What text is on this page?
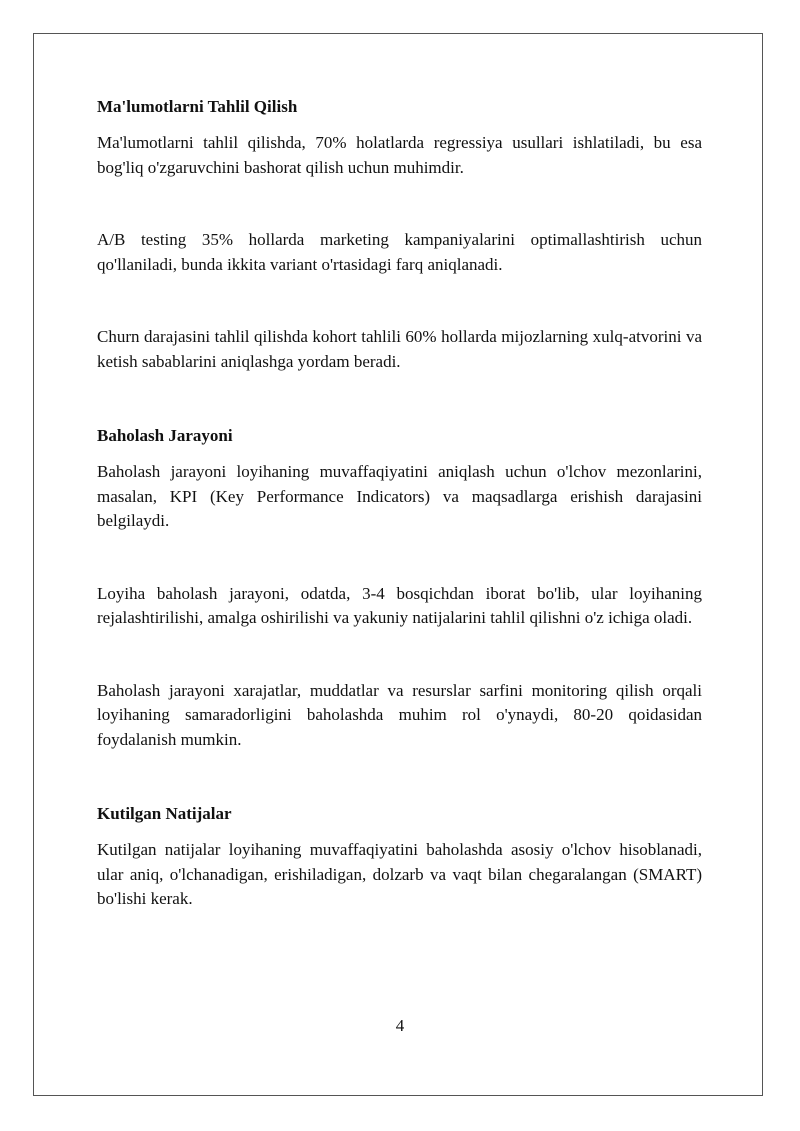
Ma'lumotlarni Tahlil Qilish

Ma'lumotlarni tahlil qilishda, 70% holatlarda regressiya usullari ishlatiladi, bu esa bog'liq o'zgaruvchini bashorat qilish uchun muhimdir.

A/B testing 35% hollarda marketing kampaniyalarini optimallashtirish uchun qo'llaniladi, bunda ikkita variant o'rtasidagi farq aniqlanadi.

Churn darajasini tahlil qilishda kohort tahlili 60% hollarda mijozlarning xulq-atvorini va ketish sabablarini aniqlashga yordam beradi.

Baholash Jarayoni

Baholash jarayoni loyihaning muvaffaqiyatini aniqlash uchun o'lchov mezonlarini, masalan, KPI (Key Performance Indicators) va maqsadlarga erishish darajasini belgilaydi.

Loyiha baholash jarayoni, odatda, 3-4 bosqichdan iborat bo'lib, ular loyihaning rejalashtirilishi, amalga oshirilishi va yakuniy natijalarini tahlil qilishni o'z ichiga oladi.

Baholash jarayoni xarajatlar, muddatlar va resurslar sarfini monitoring qilish orqali loyihaning samaradorligini baholashda muhim rol o'ynaydi, 80-20 qoidasidan foydalanish mumkin.

Kutilgan Natijalar

Kutilgan natijalar loyihaning muvaffaqiyatini baholashda asosiy o'lchov hisoblanadi, ular aniq, o'lchanadigan, erishiladigan, dolzarb va vaqt bilan chegaralangan (SMART) bo'lishi kerak.

4
